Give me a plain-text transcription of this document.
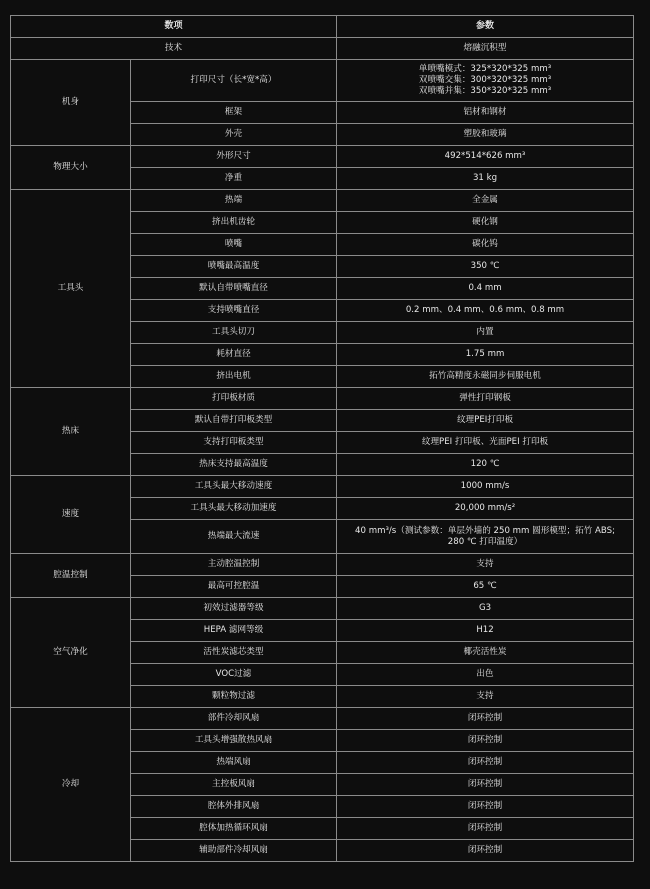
数项		参数
技术		熔融沉积型
机身	打印尺寸（长*宽*高）	单喷嘴模式：325*320*325 mm³
双喷嘴交集：300*320*325 mm³
双喷嘴并集：350*320*325 mm³

	框架	铝材和钢材
	外壳	塑胶和玻璃
物理大小	外形尺寸	492*514*626 mm³
	净重	31 kg
工具头	热端	全金属
	挤出机齿轮	硬化钢
	喷嘴	碳化钨
	喷嘴最高温度	350 ℃
	默认自带喷嘴直径	0.4 mm
	支持喷嘴直径	0.2 mm、0.4 mm、0.6 mm、0.8 mm
	工具头切刀	内置
	耗材直径	1.75 mm
	挤出电机	拓竹高精度永磁同步伺服电机
热床	打印板材质	弹性打印钢板
	默认自带打印板类型	纹理PEI打印板
	支持打印板类型	纹理PEI 打印板、光面PEI 打印板
	热床支持最高温度	120 ℃
速度	工具头最大移动速度	1000 mm/s
	工具头最大移动加速度	20,000 mm/s²
	热端最大流速	40 mm³/s（测试参数：单层外墙的 250 mm 圆形模型；拓竹 ABS;
280 ℃ 打印温度）

腔温控制	主动腔温控制	支持
	最高可控腔温	65 ℃
空气净化	初效过滤器等级	G3
	HEPA 滤网等级	H12
	活性炭滤芯类型	椰壳活性炭
	VOC过滤	出色
	颗粒物过滤	支持
冷却	部件冷却风扇	闭环控制
	工具头增强散热风扇	闭环控制
	热端风扇	闭环控制
	主控板风扇	闭环控制
	腔体外排风扇	闭环控制
	腔体加热循环风扇	闭环控制
	辅助部件冷却风扇	闭环控制
